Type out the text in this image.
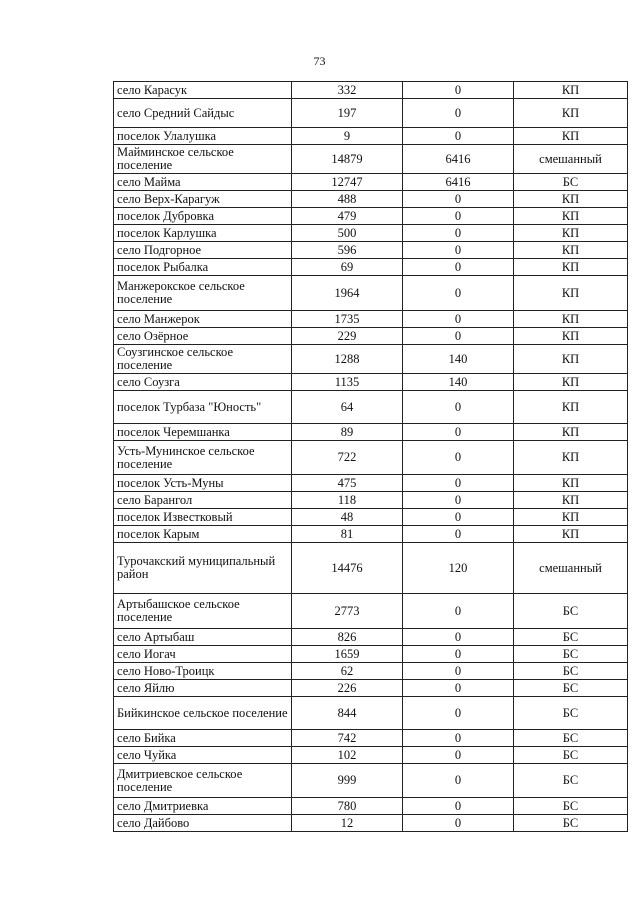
73
село Карасук	332	0	КП
село Средний Сайдыс	197	0	КП
поселок Улалушка	9	0	КП
Майминское сельское поселение	14879	6416	смешанный
село Майма	12747	6416	БС
село Верх-Карагуж	488	0	КП
поселок Дубровка	479	0	КП
поселок Карлушка	500	0	КП
село Подгорное	596	0	КП
поселок Рыбалка	69	0	КП
Манжерокское сельское поселение	1964	0	КП
село Манжерок	1735	0	КП
село Озёрное	229	0	КП
Соузгинское сельское поселение	1288	140	КП
село Соузга	1135	140	КП
поселок Турбаза "Юность"	64	0	КП
поселок Черемшанка	89	0	КП
Усть-Мунинское сельское поселение	722	0	КП
поселок Усть-Муны	475	0	КП
село Барангол	118	0	КП
поселок Известковый	48	0	КП
поселок Карым	81	0	КП
Турочакский муниципальный район	14476	120	смешанный
Артыбашское сельское поселение	2773	0	БС
село Артыбаш	826	0	БС
село Иогач	1659	0	БС
село Ново-Троицк	62	0	БС
село Яйлю	226	0	БС
Бийкинское сельское поселение	844	0	БС
село Бийка	742	0	БС
село Чуйка	102	0	БС
Дмитриевское сельское поселение	999	0	БС
село Дмитриевка	780	0	БС
село Дайбово	12	0	БС
